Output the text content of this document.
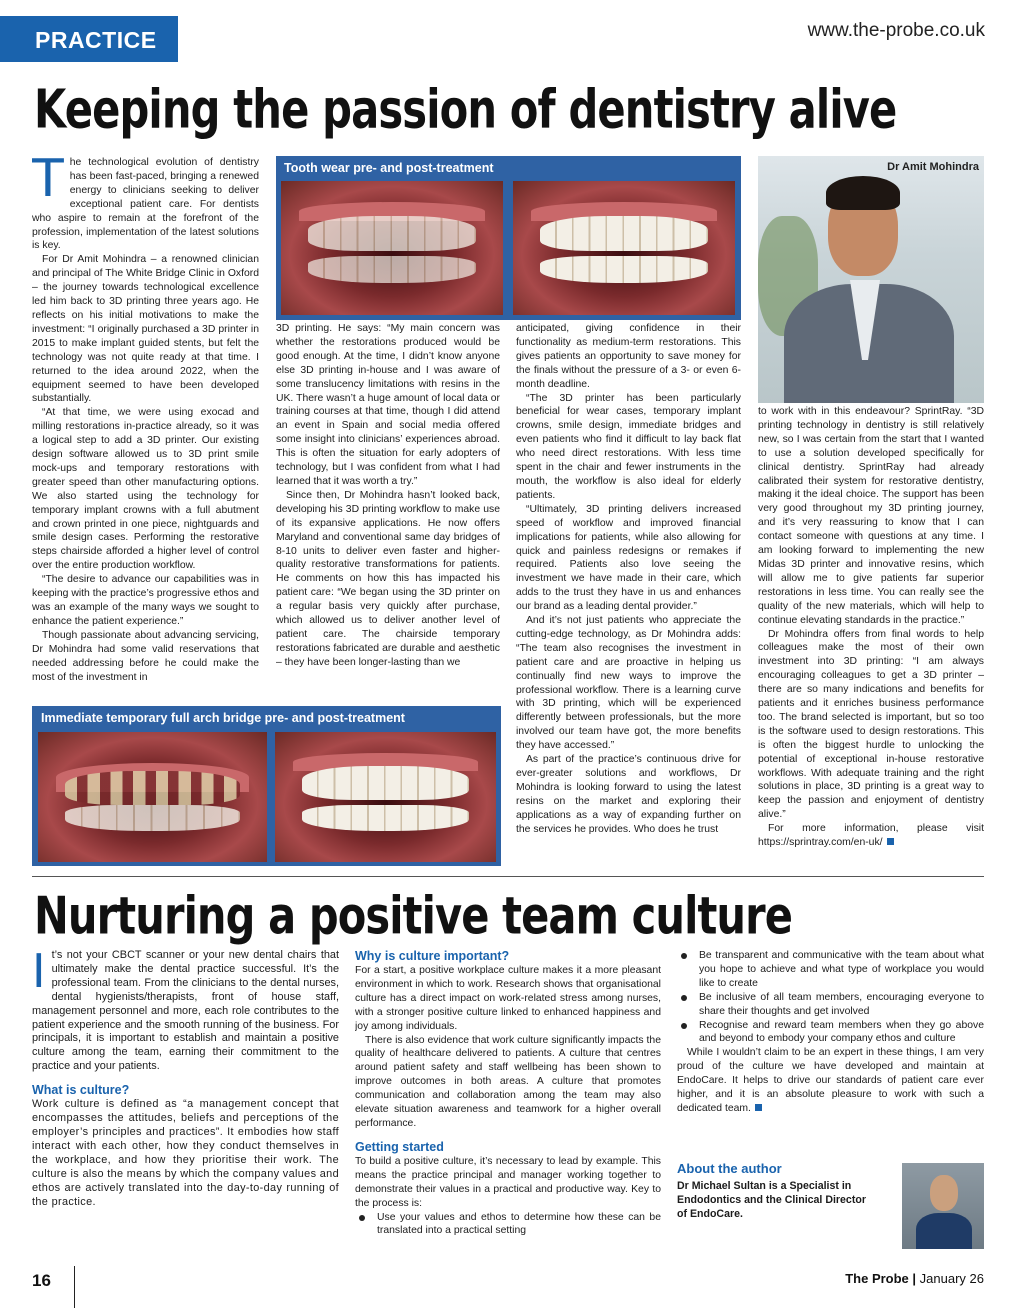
PRACTICE	www.the-probe.co.uk
Keeping the passion of dentistry alive
T he technological evolution of dentistry has been fast-paced, bringing a renewed energy to clinicians seeking to deliver exceptional patient care. For dentists who aspire to remain at the forefront of the profession, implementation of the latest solutions is key.

For Dr Amit Mohindra – a renowned clinician and principal of The White Bridge Clinic in Oxford – the journey towards technological excellence led him back to 3D printing three years ago. He reflects on his initial motivations to make the investment: “I originally purchased a 3D printer in 2015 to make implant guided stents, but felt the technology was not quite ready at that time. I returned to the idea around 2022, when the equipment seemed to have been developed substantially.

“At that time, we were using exocad and milling restorations in-practice already, so it was a logical step to add a 3D printer. Our existing design software allowed us to 3D print smile mock-ups and temporary restorations with greater speed than other manufacturing options. We also started using the technology for temporary implant crowns with a full abutment and crown printed in one piece, nightguards and smile design cases. Performing the restorative steps chairside afforded a higher level of control over the entire production workflow.

“The desire to advance our capabilities was in keeping with the practice’s progressive ethos and was an example of the many ways we sought to enhance the patient experience.”

Though passionate about advancing servicing, Dr Mohindra had some valid reservations that needed addressing before he could make the most of the investment in

Tooth wear pre- and post-treatment	Dr Amit Mohindra

3D printing. He says: “My main concern was whether the restorations produced would be good enough. At the time, I didn’t know anyone else 3D printing in-house and I was aware of some translucency limitations with resins in the UK. There wasn’t a huge amount of local data or training courses at that time, though I did attend an event in Spain and social media offered some insight into clinicians’ experiences abroad. This is often the situation for early adopters of technology, but I was confident from what I had learned that it was worth a try.”

Since then, Dr Mohindra hasn’t looked back, developing his 3D printing workflow to make use of its expansive applications. He now offers Maryland and conventional same day bridges of 8-10 units to deliver even faster and higher-quality restorative transformations for patients. He comments on how this has impacted his patient care: “We began using the 3D printer on a regular basis very quickly after purchase, which allowed us to deliver another level of patient care. The chairside temporary restorations fabricated are durable and aesthetic – they have been longer-lasting than we

anticipated, giving confidence in their functionality as medium-term restorations. This gives patients an opportunity to save money for the finals without the pressure of a 3- or even 6-month deadline.

“The 3D printer has been particularly beneficial for wear cases, temporary implant crowns, smile design, immediate bridges and even patients who find it difficult to lay back flat who need direct restorations. With less time spent in the chair and fewer instruments in the mouth, the workflow is also ideal for elderly patients.

“Ultimately, 3D printing delivers increased speed of workflow and improved financial implications for patients, while also allowing for quick and painless redesigns or remakes if required. Patients also love seeing the investment we have made in their care, which adds to the trust they have in us and enhances our brand as a leading dental provider.”

And it’s not just patients who appreciate the cutting-edge technology, as Dr Mohindra adds: “The team also recognises the investment in patient care and are proactive in helping us continually find new ways to improve the professional workflow. There is a learning curve with 3D printing, which will be experienced differently between professionals, but the more involved our team have got, the more benefits they have accessed.”

As part of the practice’s continuous drive for ever-greater solutions and workflows, Dr Mohindra is looking forward to using the latest resins on the market and exploring their applications as a way of expanding further on the services he provides. Who does he trust

to work with in this endeavour? SprintRay. “3D printing technology in dentistry is still relatively new, so I was certain from the start that I wanted to use a solution developed specifically for clinical dentistry. SprintRay had already calibrated their system for restorative dentistry, making it the ideal choice. The support has been very good throughout my 3D printing journey, and it’s very reassuring to know that I can contact someone with questions at any time. I am looking forward to implementing the new Midas 3D printer and innovative resins, which will allow me to give patients far superior restorations in less time. You can really see the quality of the new materials, which will help to continue elevating standards in the practice.”

Dr Mohindra offers from final words to help colleagues make the most of their own investment into 3D printing: “I am always encouraging colleagues to get a 3D printer – there are so many indications and benefits for patients and it enriches business performance too. The brand selected is important, but so too is the software used to design restorations. This is often the biggest hurdle to unlocking the potential of exceptional in-house restorative workflows. With adequate training and the right solutions in place, 3D printing is a great way to keep the passion and enjoyment of dentistry alive.”

For more information, please visit https://sprintray.com/en-uk/

Immediate temporary full arch bridge pre- and post-treatment
Nurturing a positive team culture
I t’s not your CBCT scanner or your new dental chairs that ultimately make the dental practice successful. It’s the professional team. From the clinicians to the dental nurses, dental hygienists/therapists, front of house staff, management personnel and more, each role contributes to the patient experience and the smooth running of the business. For principals, it is important to establish and maintain a positive culture among the team, earning their commitment to the practice and your patients.

What is culture?

Work culture is defined as “a management concept that encompasses the attitudes, beliefs and perceptions of the employer’s principles and practices”. It embodies how staff interact with each other, how they conduct themselves in the workplace, and how they prioritise their work. The culture is also the means by which the company values and ethos are actively translated into the day-to-day running of the practice.

Why is culture important?

For a start, a positive workplace culture makes it a more pleasant environment in which to work. Research shows that organisational culture has a direct impact on work-related stress among nurses, with a stronger positive culture linked to enhanced happiness and joy among individuals.

There is also evidence that work culture significantly impacts the quality of healthcare delivered to patients. A culture that centres around patient safety and staff wellbeing has been shown to improve outcomes in both areas. A culture that promotes communication and collaboration among the team may also elevate situation awareness and teamwork for a higher overall performance.

Getting started

To build a positive culture, it’s necessary to lead by example. This means the practice principal and manager working together to demonstrate their values in a practical and productive way. Key to the process is:

Use your values and ethos to determine how these can be translated into a practical setting
Be transparent and communicative with the team about what you hope to achieve and what type of workplace you would like to create
Be inclusive of all team members, encouraging everyone to share their thoughts and get involved
Recognise and reward team members when they go above and beyond to embody your company ethos and culture

While I wouldn’t claim to be an expert in these things, I am very proud of the culture we have developed and maintain at EndoCare. It helps to drive our standards of patient care ever higher, and it is an absolute pleasure to work with such a dedicated team.

About the author

Dr Michael Sultan is a Specialist in Endodontics and the Clinical Director of EndoCare.

16	The Probe | January 26
